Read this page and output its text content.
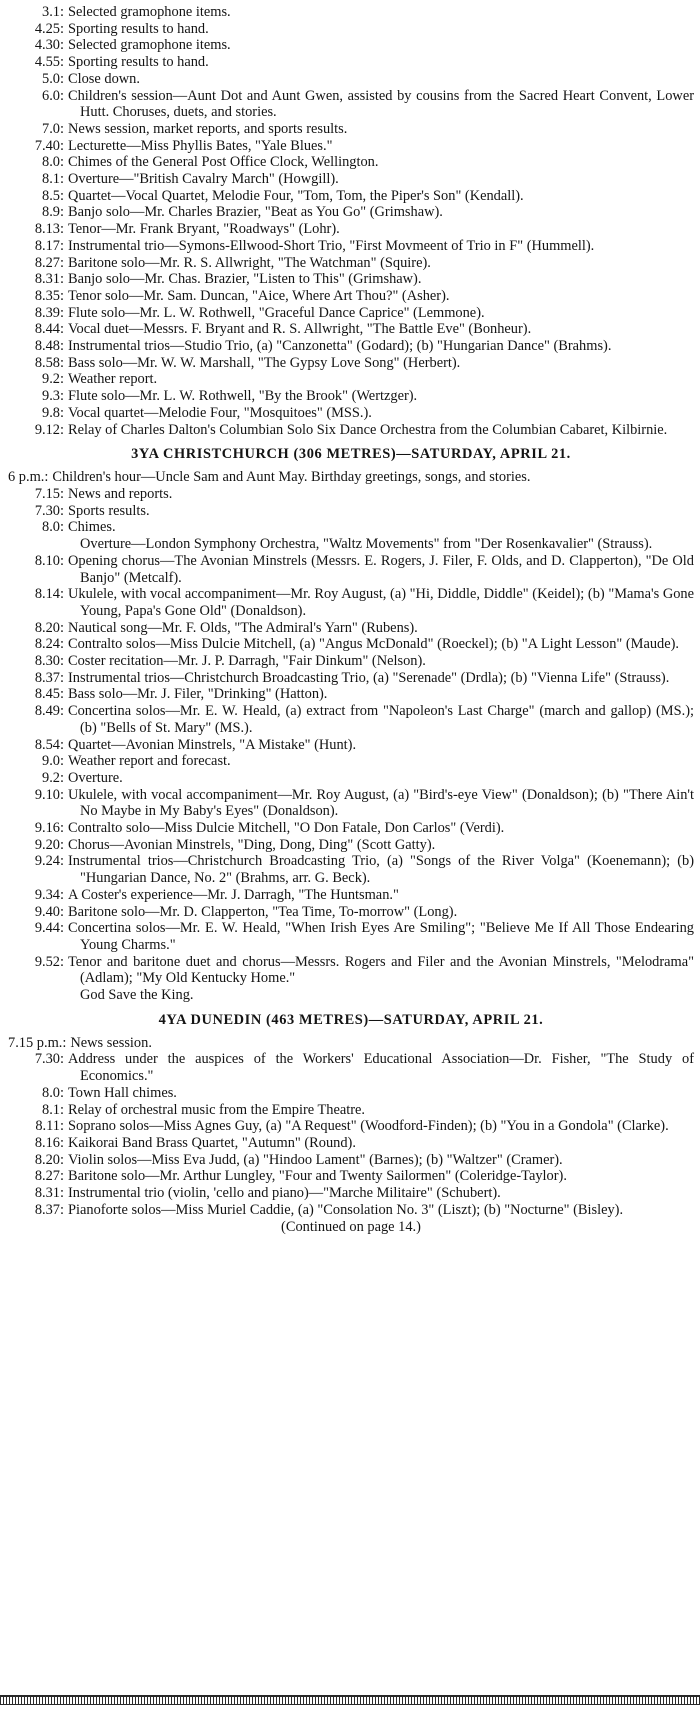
3.1: Selected gramophone items.
4.25: Sporting results to hand.
4.30: Selected gramophone items.
4.55: Sporting results to hand.
5.0: Close down.
6.0: Children's session—Aunt Dot and Aunt Gwen, assisted by cousins from the Sacred Heart Convent, Lower Hutt. Choruses, duets, and stories.
7.0: News session, market reports, and sports results.
7.40: Lecturette—Miss Phyllis Bates, "Yale Blues."
8.0: Chimes of the General Post Office Clock, Wellington.
8.1: Overture—"British Cavalry March" (Howgill).
8.5: Quartet—Vocal Quartet, Melodie Four, "Tom, Tom, the Piper's Son" (Kendall).
8.9: Banjo solo—Mr. Charles Brazier, "Beat as You Go" (Grimshaw).
8.13: Tenor—Mr. Frank Bryant, "Roadways" (Lohr).
8.17: Instrumental trio—Symons-Ellwood-Short Trio, "First Movmeent of Trio in F" (Hummell).
8.27: Baritone solo—Mr. R. S. Allwright, "The Watchman" (Squire).
8.31: Banjo solo—Mr. Chas. Brazier, "Listen to This" (Grimshaw).
8.35: Tenor solo—Mr. Sam. Duncan, "Aice, Where Art Thou?" (Asher).
8.39: Flute solo—Mr. L. W. Rothwell, "Graceful Dance Caprice" (Lemmone).
8.44: Vocal duet—Messrs. F. Bryant and R. S. Allwright, "The Battle Eve" (Bonheur).
8.48: Instrumental trios—Studio Trio, (a) "Canzonetta" (Godard); (b) "Hungarian Dance" (Brahms).
8.58: Bass solo—Mr. W. W. Marshall, "The Gypsy Love Song" (Herbert).
9.2: Weather report.
9.3: Flute solo—Mr. L. W. Rothwell, "By the Brook" (Wertzger).
9.8: Vocal quartet—Melodie Four, "Mosquitoes" (MSS.).
9.12: Relay of Charles Dalton's Columbian Solo Six Dance Orchestra from the Columbian Cabaret, Kilbirnie.
3YA CHRISTCHURCH (306 METRES)—SATURDAY, APRIL 21.
6 p.m.: Children's hour—Uncle Sam and Aunt May. Birthday greetings, songs, and stories.
7.15: News and reports.
7.30: Sports results.
8.0: Chimes.
Overture—London Symphony Orchestra, "Waltz Movements" from "Der Rosenkavalier" (Strauss).
8.10: Opening chorus—The Avonian Minstrels (Messrs. E. Rogers, J. Filer, F. Olds, and D. Clapperton), "De Old Banjo" (Metcalf).
8.14: Ukulele, with vocal accompaniment—Mr. Roy August, (a) "Hi, Diddle, Diddle" (Keidel); (b) "Mama's Gone Young, Papa's Gone Old" (Donaldson).
8.20: Nautical song—Mr. F. Olds, "The Admiral's Yarn" (Rubens).
8.24: Contralto solos—Miss Dulcie Mitchell, (a) "Angus McDonald" (Roeckel); (b) "A Light Lesson" (Maude).
8.30: Coster recitation—Mr. J. P. Darragh, "Fair Dinkum" (Nelson).
8.37: Instrumental trios—Christchurch Broadcasting Trio, (a) "Serenade" (Drdla); (b) "Vienna Life" (Strauss).
8.45: Bass solo—Mr. J. Filer, "Drinking" (Hatton).
8.49: Concertina solos—Mr. E. W. Heald, (a) extract from "Napoleon's Last Charge" (march and gallop) (MS.); (b) "Bells of St. Mary" (MS.).
8.54: Quartet—Avonian Minstrels, "A Mistake" (Hunt).
9.0: Weather report and forecast.
9.2: Overture.
9.10: Ukulele, with vocal accompaniment—Mr. Roy August, (a) "Bird's-eye View" (Donaldson); (b) "There Ain't No Maybe in My Baby's Eyes" (Donaldson).
9.16: Contralto solo—Miss Dulcie Mitchell, "O Don Fatale, Don Carlos" (Verdi).
9.20: Chorus—Avonian Minstrels, "Ding, Dong, Ding" (Scott Gatty).
9.24: Instrumental trios—Christchurch Broadcasting Trio, (a) "Songs of the River Volga" (Koenemann); (b) "Hungarian Dance, No. 2" (Brahms, arr. G. Beck).
9.34: A Coster's experience—Mr. J. Darragh, "The Huntsman."
9.40: Baritone solo—Mr. D. Clapperton, "Tea Time, To-morrow" (Long).
9.44: Concertina solos—Mr. E. W. Heald, "When Irish Eyes Are Smiling"; "Believe Me If All Those Endearing Young Charms."
9.52: Tenor and baritone duet and chorus—Messrs. Rogers and Filer and the Avonian Minstrels, "Melodrama" (Adlam); "My Old Kentucky Home."
God Save the King.
4YA DUNEDIN (463 METRES)—SATURDAY, APRIL 21.
7.15 p.m.: News session.
7.30: Address under the auspices of the Workers' Educational Association—Dr. Fisher, "The Study of Economics."
8.0: Town Hall chimes.
8.1: Relay of orchestral music from the Empire Theatre.
8.11: Soprano solos—Miss Agnes Guy, (a) "A Request" (Woodford-Finden); (b) "You in a Gondola" (Clarke).
8.16: Kaikorai Band Brass Quartet, "Autumn" (Round).
8.20: Violin solos—Miss Eva Judd, (a) "Hindoo Lament" (Barnes); (b) "Waltzer" (Cramer).
8.27: Baritone solo—Mr. Arthur Lungley, "Four and Twenty Sailormen" (Coleridge-Taylor).
8.31: Instrumental trio (violin, 'cello and piano)—"Marche Militaire" (Schubert).
8.37: Pianoforte solos—Miss Muriel Caddie, (a) "Consolation No. 3" (Liszt); (b) "Nocturne" (Bisley).
(Continued on page 14.)
